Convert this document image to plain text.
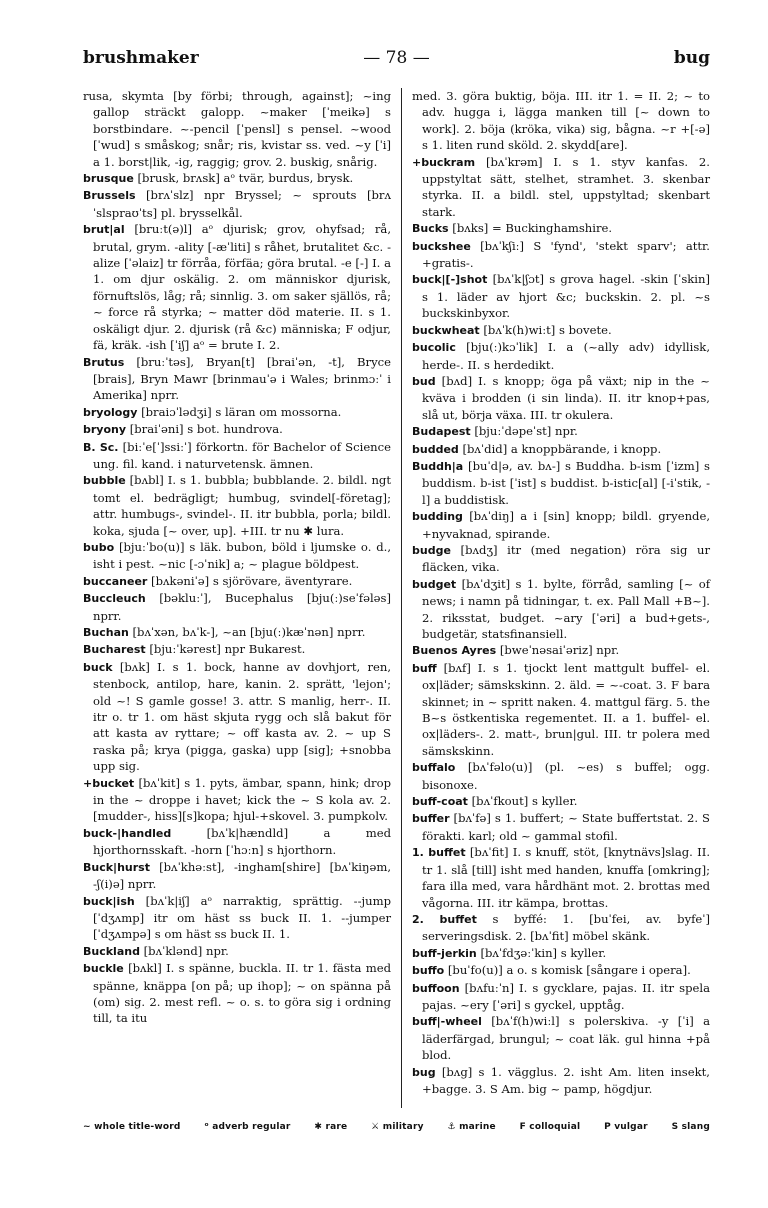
brushmaker	— 78 —	bug
rusa, skymta [by förbi; through, against]; ~ing gallop sträckt galopp. ~maker [ˈmeikə] s borstbindare. ~-pencil [ˈpensl] s pensel. ~wood [ˈwud] s småskog; snår; ris, kvistar ss. ved. ~y [ˈi] a 1. borst|lik, -ig, raggig; grov. 2. buskig, snårig.
brusque [brusk, brʌsk] aᵒ tvär, burdus, brysk.
Brussels [brʌˈslz] npr Bryssel; ~ sprouts [brʌˈslspraʊˈts] pl. brysselkål.
brut|al [bruːt(ə)l] aᵒ djurisk; grov, ohyfsad; rå, brutal, grym. -ality [-æˈliti] s råhet, brutalitet &c. -alize [ˈəlaiz] tr förråa, förfäa; göra brutal. -e [-] I. a 1. om djur oskälig. 2. om människor djurisk, förnuftslös, låg; rå; sinnlig. 3. om saker själlös, rå; ~ force rå styrka; ~ matter död materie. II. s 1. oskäligt djur. 2. djurisk (rå &c) människa; F odjur, fä, kräk. -ish [ˈiʃ] aᵒ = brute I. 2.
Brutus [bruːˈtəs], Bryan[t] [braiˈən, -t], Bryce [brais], Bryn Mawr [brinmauˈə i Wales; brinmɔːˈ i Amerika] nprr.
bryology [braiɔˈlədʒi] s läran om mossorna.
bryony [braiˈəni] s bot. hundrova.
B. Sc. [biːˈe[ˈ]ssiːˈ] förkortn. för Bachelor of Science ung. fil. kand. i naturvetensk. ämnen.
bubble [bʌbl] I. s 1. bubbla; bubblande. 2. bildl. ngt tomt el. bedrägligt; humbug, svindel[-företag]; attr. humbugs-, svindel-. II. itr bubbla, porla; bildl. koka, sjuda [~ over, up]. +III. tr nu ✱ lura.
bubo [bjuːˈbo(u)] s läk. bubon, böld i ljumske o. d., isht i pest. ~nic [-ɔˈnik] a; ~ plague böldpest.
buccaneer [bʌkəniˈə] s sjörövare, äventyrare.
Buccleuch [bəkluːˈ], Bucephalus [bju(ː)seˈfələs] nprr.
Buchan [bʌˈxən, bʌˈk-], ~an [bju(ː)kæˈnən] nprr.
Bucharest [bjuːˈkərest] npr Bukarest.
buck [bʌk] I. s 1. bock, hanne av dovhjort, ren, stenbock, antilop, hare, kanin. 2. sprätt, 'lejon'; old ~! S gamle gosse! 3. attr. S manlig, herr-. II. itr o. tr 1. om häst skjuta rygg och slå bakut för att kasta av ryttare; ~ off kasta av. 2. ~ up S raska på; krya (pigga, gaska) upp [sig]; +snobba upp sig.
+bucket [bʌˈkit] s 1. pyts, ämbar, spann, hink; drop in the ~ droppe i havet; kick the ~ S kola av. 2. [mudder-, hiss][s]kopa; hjul-+skovel. 3. pumpkolv.
buck-|handled	[bʌˈk|hændld] a med hjorthornsskaft. -horn [ˈhɔːn] s hjorthorn.
Buck|hurst [bʌˈkhəːst], -ingham[shire] [bʌˈkiŋəm, -ʃ(i)ə] nprr.
buck|ish [bʌˈk|iʃ] aᵒ narraktig, sprättig. --jump [ˈdʒʌmp] itr om häst ss buck II. 1. --jumper [ˈdʒʌmpə] s om häst ss buck II. 1.
Buckland [bʌˈklənd] npr.
buckle [bʌkl] I. s spänne, buckla. II. tr 1. fästa med spänne, knäppa [on på; up ihop]; ~ on spänna på (om) sig. 2. mest refl. ~ o. s. to göra sig i ordning till, ta itu
med. 3. göra buktig, böja. III. itr 1. = II. 2; ~ to adv. hugga i, lägga manken till [~ down to work]. 2. böja (kröka, vika) sig, bågna. ~r +[-ə] s 1. liten rund sköld. 2. skydd[are].
+buckram [bʌˈkrəm] I. s 1. styv kanfas. 2. uppstyltat sätt, stelhet, stramhet. 3. skenbar styrka. II. a bildl. stel, uppstyltad; skenbart stark.
Bucks [bʌks] = Buckinghamshire.
buckshee [bʌˈkʃiː] S 'fynd', 'stekt sparv'; attr. +gratis-.
buck|[-]shot [bʌˈk|ʃɔt] s grova hagel. -skin [ˈskin] s 1. läder av hjort &c; buckskin. 2. pl. ~s buckskinbyxor.
buckwheat [bʌˈk(h)wiːt] s bovete.
bucolic [bju(ː)kɔˈlik] I. a (~ally adv) idyllisk, herde-. II. s herdedikt.
bud [bʌd] I. s knopp; öga på växt; nip in the ~ kväva i brodden (i sin linda). II. itr knop+pas, slå ut, börja växa. III. tr okulera.
Budapest [bjuːˈdəpeˈst] npr.
budded [bʌˈdid] a knoppbärande, i knopp.
Buddh|a [buˈd|ə, av. bʌ-] s Buddha. b-ism [ˈizm] s buddism. b-ist [ˈist] s buddist. b-istic[al] [-iˈstik, -l] a buddistisk.
budding [bʌˈdiŋ] a i [sin] knopp; bildl. gryende, +nyvaknad, spirande.
budge [bʌdʒ] itr (med negation) röra sig ur fläcken, vika.
budget [bʌˈdʒit] s 1. bylte, förråd, samling [~ of news; i namn på tidningar, t. ex. Pall Mall +B~]. 2. riksstat, budget. ~ary [ˈəri] a bud+gets-, budgetär, statsfinansiell.
Buenos Ayres [bweˈnəsaiˈəriz] npr.
buff [bʌf] I. s 1. tjockt lent mattgult buffel- el. ox|läder; sämskskinn. 2. äld. = ~-coat. 3. F bara skinnet; in ~ spritt naken. 4. mattgul färg. 5. the B~s östkentiska regementet. II. a 1. buffel- el. ox|läders-. 2. matt-, brun|gul. III. tr polera med sämskskinn.
buffalo [bʌˈfəlo(u)] (pl. ~es) s buffel; ogg. bisonoxe.
buff-coat [bʌˈfkout] s kyller.
buffer [bʌˈfə] s 1. buffert; ~ State buffertstat. 2. S förakti. karl; old ~ gammal stofil.
1. buffet [bʌˈfit] I. s knuff, stöt, [knytnävs]slag. II. tr 1. slå [till] isht med handen, knuffa [omkring]; fara illa med, vara hårdhänt mot. 2. brottas med vågorna. III. itr kämpa, brottas.
2. buffet s byffé: 1. [buˈfei, av. byfeˈ] serveringsdisk. 2. [bʌˈfit] möbel skänk.
buff-jerkin [bʌˈfdʒəːˈkin] s kyller.
buffo [buˈfo(u)] a o. s komisk [sångare i opera].
buffoon [bʌfuːˈn] I. s gycklare, pajas. II. itr spela pajas. ~ery [ˈəri] s gyckel, upptåg.
buff|-wheel [bʌˈf(h)wiːl] s polerskiva. -y [ˈi] a läderfärgad, brungul; ~ coat läk. gul hinna +på blod.
bug [bʌg] s 1. vägglus. 2. isht Am. liten insekt, +bagge. 3. S Am. big ~ pamp, högdjur.
~ whole title-word	ᵒ adverb regular	✱ rare	⚔ military	⚓ marine	F colloquial	P vulgar	S slang
